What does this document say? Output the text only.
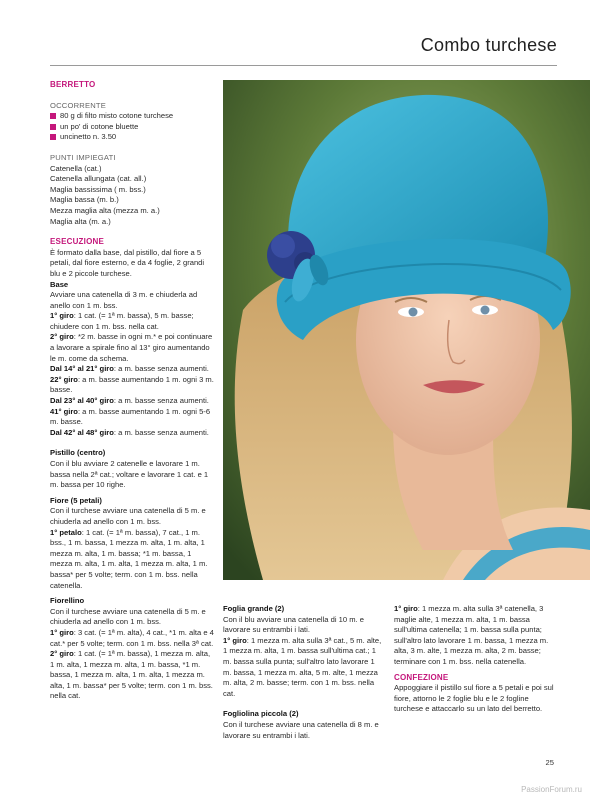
Combo turchese
BERRETTO
OCCORRENTE
80 g di filto misto cotone turchese
un po' di cotone bluette
uncinetto n. 3.50
PUNTI IMPIEGATI
Catenella (cat.)
Catenella allungata (cat. all.)
Maglia bassissima ( m. bss.)
Maglia bassa (m. b.)
Mezza maglia alta (mezza m. a.)
Maglia alta (m. a.)
ESECUZIONE

È formato dalla base, dal pistillo, dal fiore a 5 petali, dal fiore esterno, e da 4 foglie, 2 grandi blu e 2 piccole turchese.

Base

Avviare una catenella di 3 m. e chiuderla ad anello con 1 m. bss.

1° giro: 1 cat. (= 1ª m. bassa), 5 m. basse; chiudere con 1 m. bss. nella cat.

2° giro: *2 m. basse in ogni m.* e poi continuare a lavorare a spirale fino al 13° giro aumentando le m. come da schema.

Dal 14° al 21° giro: a m. basse senza aumenti.

22° giro: a m. basse aumentando 1 m. ogni 3 m. basse.

Dal 23° al 40° giro: a m. basse senza aumenti.

41° giro: a m. basse aumentando 1 m. ogni 5-6 m. basse.

Dal 42° al 48° giro: a m. basse senza aumenti.

Pistillo (centro)

Con il blu avviare 2 catenelle e lavorare 1 m. bassa nella 2ª cat.; voltare e lavorare 1 cat. e 1 m. bassa per 10 righe.

Fiore (5 petali)

Con il turchese avviare una catenella di 5 m. e chiuderla ad anello con 1 m. bss.

1° petalo: 1 cat. (= 1ª m. bassa), 7 cat., 1 m. bss., 1 m. bassa, 1 mezza m. alta, 1 m. alta, 1 mezza m. alta, 1 m. bassa; *1 m. bassa, 1 mezza m. alta, 1 m. alta, 1 mezza m. alta, 1 m. bassa* per 5 volte; term. con 1 m. bss. nella catenella.

Fiorellino

Con il turchese avviare una catenella di 5 m. e chiuderla ad anello con 1 m. bss.

1° giro: 3 cat. (= 1ª m. alta), 4 cat., *1 m. alta e 4 cat.* per 5 volte; term. con 1 m. bss. nella 3ª cat.

2° giro: 1 cat. (= 1ª m. bassa), 1 mezza m. alta, 1 m. alta, 1 mezza m. alta, 1 m. bassa, *1 m. bassa, 1 mezza m. alta, 1 m. alta, 1 mezza m. alta, 1 m. bassa* per 5 volte; term. con 1 m. bss. nella cat.

Foglia grande (2)

Con il blu avviare una catenella di 10 m. e lavorare su entrambi i lati.

1° giro: 1 mezza m. alta sulla 3ª cat., 5 m. alte, 1 mezza m. alta, 1 m. bassa sull'ultima cat.; 1 m. bassa sulla punta; sull'altro lato lavorare 1 m. bassa, 1 mezza m. alta, 5 m. alte, 1 mezza m. alta, 2 m. basse; term. con 1 m. bss. nella cat.

Fogliolina piccola (2)

Con il turchese avviare una catenella di 8 m. e lavorare su entrambi i lati.

1° giro: 1 mezza m. alta sulla 3ª catenella, 3 maglie alte, 1 mezza m. alta, 1 m. bassa sull'ultima catenella; 1 m. bassa sulla punta; sull'altro lato lavorare 1 m. bassa, 1 mezza m. alta, 3 m. alte, 1 mezza m. alta, 2 m. basse; terminare con 1 m. bss. nella catenella.

CONFEZIONE

Appoggiare il pistillo sul fiore a 5 petali e poi sul fiore, attorno le 2 foglie blu e le 2 fogline turchese e attaccarlo su un lato del berretto.

25
PassionForum.ru
